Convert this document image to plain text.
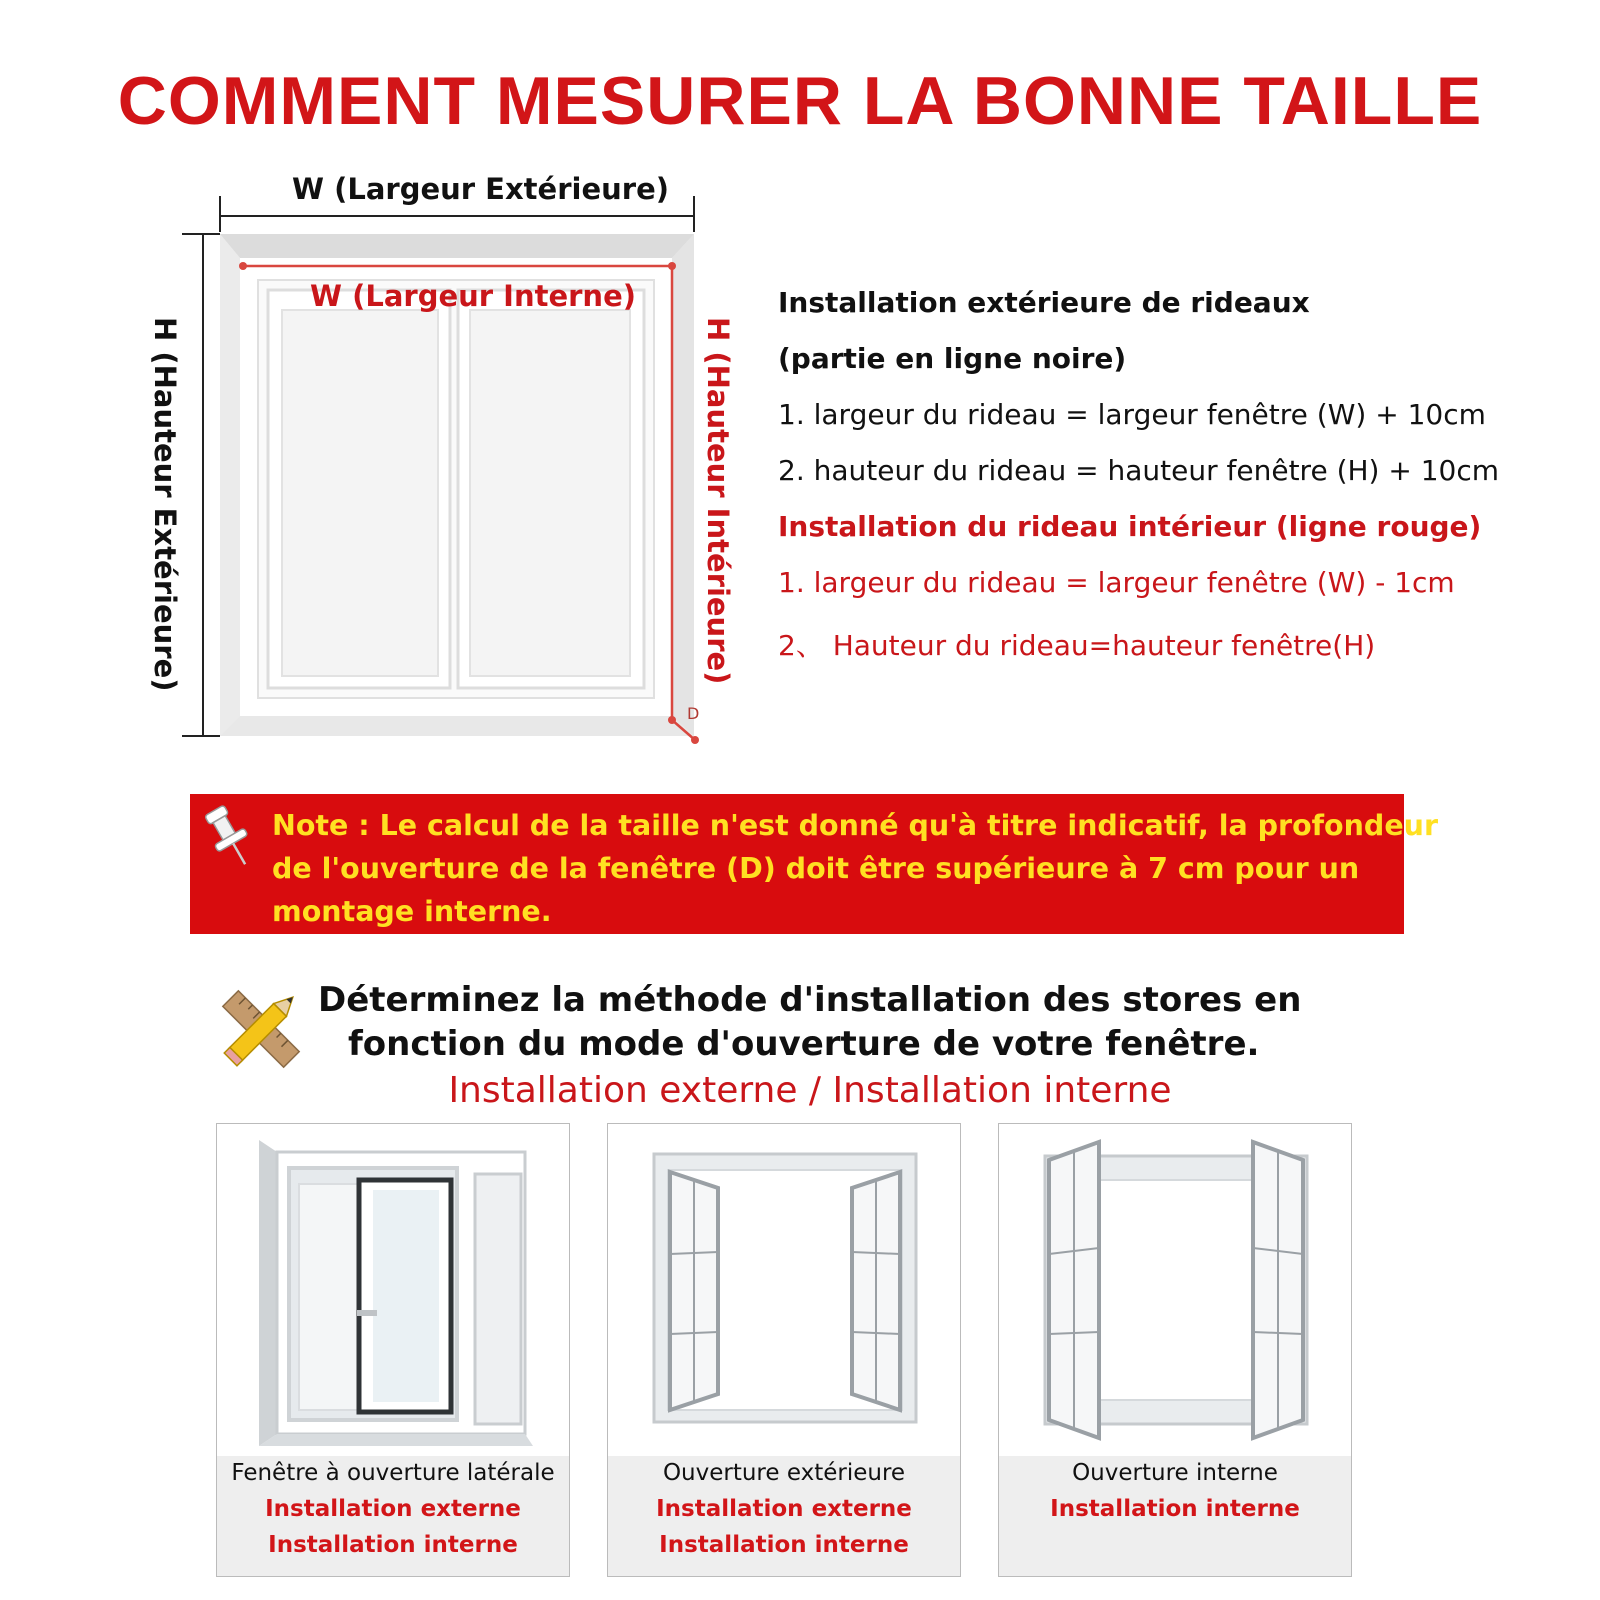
COMMENT MESURER LA BONNE TAILLE
W (Largeur Extérieure)
W (Largeur Interne)
H (Hauteur Extérieure)	H (Hauteur Intérieure)
D
Installation extérieure de rideaux
(partie en ligne noire)
1. largeur du rideau = largeur fenêtre (W) + 10cm
2. hauteur du rideau = hauteur fenêtre (H) + 10cm
Installation du rideau intérieur (ligne rouge)
1. largeur du rideau = largeur fenêtre (W) - 1cm
2、 Hauteur du rideau=hauteur fenêtre(H)
Note : Le calcul de la taille n'est donné qu'à titre indicatif, la profondeur
de l'ouverture de la fenêtre (D) doit être supérieure à 7 cm pour un
montage interne.
Déterminez la méthode d'installation des stores en
fonction du mode d'ouverture de votre fenêtre.
Installation externe / Installation interne
Fenêtre à ouverture latérale
Installation externe
Installation interne
Ouverture extérieure
Installation externe
Installation interne
Ouverture interne
Installation interne
